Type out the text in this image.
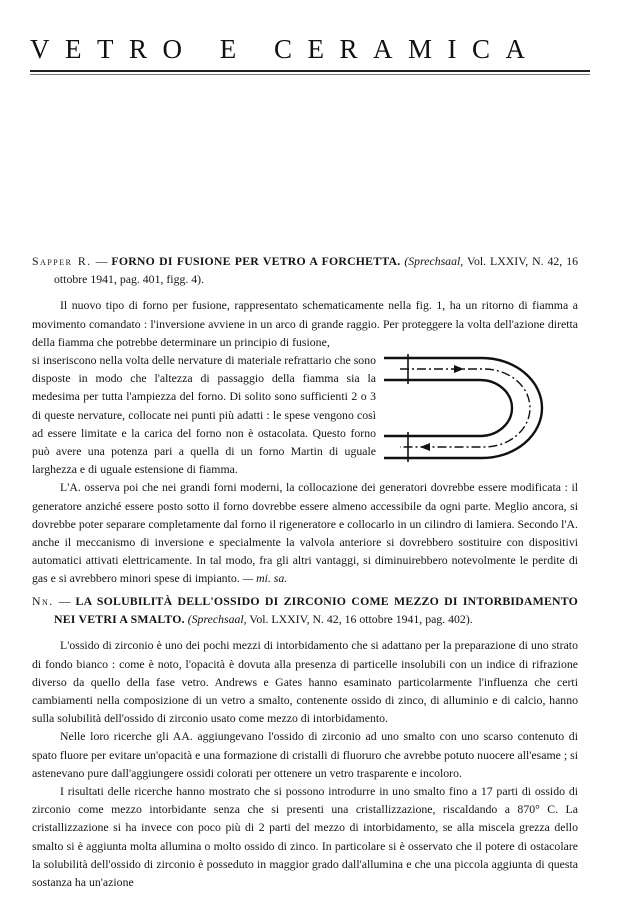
VETRO E CERAMICA
Sapper R. — FORNO DI FUSIONE PER VETRO A FORCHETTA. (Sprechsaal, Vol. LXXIV, N. 42, 16 ottobre 1941, pag. 401, figg. 4).

Il nuovo tipo di forno per fusione, rappresentato schematicamente nella fig. 1, ha un ritorno di fiamma a movimento comandato : l'inversione avviene in un arco di grande raggio. Per proteggere la volta dell'azione diretta della fiamma che potrebbe determinare un principio di fusione,

si inseriscono nella volta delle nervature di materiale refrattario che sono disposte in modo che l'altezza di passaggio della fiamma sia la medesima per tutta l'ampiezza del forno. Di solito sono sufficienti 2 o 3 di queste nervature, collocate nei punti più adatti : le spese vengono così ad essere limitate e la carica del forno non è ostacolata. Questo forno può avere una potenza pari a quella di un forno Martin di uguale larghezza e di uguale estensione di fiamma.

L'A. osserva poi che nei grandi forni moderni, la collocazione dei generatori dovrebbe essere modificata : il generatore anziché essere posto sotto il forno dovrebbe essere almeno accessibile da ogni parte. Meglio ancora, si dovrebbe poter separare completamente dal forno il rigeneratore e collocarlo in un cilindro di lamiera. Secondo l'A. anche il meccanismo di inversione e specialmente la valvola anteriore si dovrebbero sostituire con dispositivi automatici attivati elettricamente. In tal modo, fra gli altri vantaggi, si diminuirebbero notevolmente le perdite di gas e si avrebbero minori spese di impianto. — mi. sa.

Nn. — LA SOLUBILITÀ DELL'OSSIDO DI ZIRCONIO COME MEZZO DI INTORBIDAMENTO NEI VETRI A SMALTO. (Sprechsaal, Vol. LXXIV, N. 42, 16 ottobre 1941, pag. 402).

L'ossido di zirconio è uno dei pochi mezzi di intorbidamento che si adattano per la preparazione di uno strato di fondo bianco : come è noto, l'opacità è dovuta alla presenza di particelle insolubili con un indice di rifrazione diverso da quello della fase vetro. Andrews e Gates hanno esaminato particolarmente l'influenza che certi cambiamenti nella composizione di un vetro a smalto, contenente ossido di zinco, di alluminio e di calcio, hanno sulla solubilità dell'ossido di zirconio usato come mezzo di intorbidamento.

Nelle loro ricerche gli AA. aggiungevano l'ossido di zirconio ad uno smalto con uno scarso contenuto di spato fluore per evitare un'opacità e una formazione di cristalli di fluoruro che avrebbe potuto nuocere all'esame ; si astenevano pure dall'aggiungere ossidi colorati per ottenere un vetro trasparente e incoloro.

I risultati delle ricerche hanno mostrato che si possono introdurre in uno smalto fino a 17 parti di ossido di zirconio come mezzo intorbidante senza che si presenti una cristallizzazione, riscaldando a 870° C. La cristallizzazione si ha invece con poco più di 2 parti del mezzo di intorbidamento, se alla miscela grezza dello smalto si è aggiunta molta allumina o molto ossido di zinco. In particolare si è osservato che il potere di ostacolare la solubilità dell'ossido di zirconio è posseduto in maggior grado dall'allumina e che una piccola aggiunta di questa sostanza ha un'azione
